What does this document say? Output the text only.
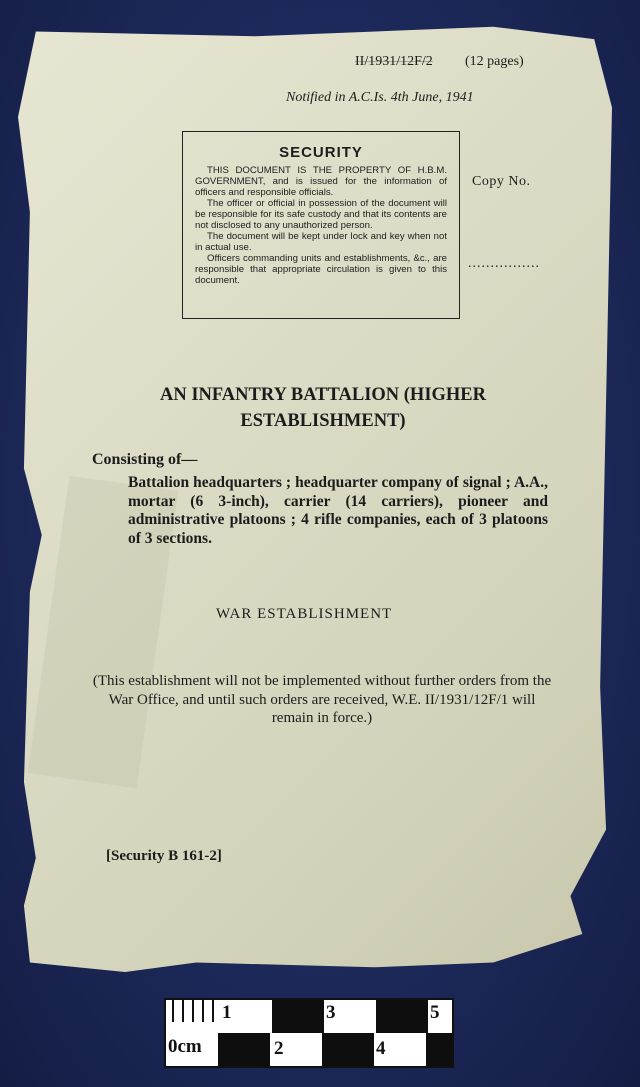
II/1931/12F/2 (12 pages)

Notified in A.C.Is. 4th June, 1941

SECURITY

THIS DOCUMENT IS THE PROPERTY OF H.B.M. GOVERNMENT, and is issued for the information of officers and responsible officials.

The officer or official in possession of the document will be responsible for its safe custody and that its contents are not disclosed to any unauthorized person.

The document will be kept under lock and key when not in actual use.

Officers commanding units and establishments, &c., are responsible that appropriate circulation is given to this document.

Copy No.

................

AN INFANTRY BATTALION (HIGHER ESTABLISHMENT)

Consisting of—

Battalion headquarters ; headquarter company of signal ; A.A., mortar (6 3-inch), carrier (14 carriers), pioneer and administrative platoons ; 4 rifle companies, each of 3 platoons of 3 sections.

WAR ESTABLISHMENT

(This establishment will not be implemented without further orders from the War Office, and until such orders are received, W.E. II/1931/12F/1 will remain in force.)

[Security B 161-2]

1	3	5
0cm	2	4
